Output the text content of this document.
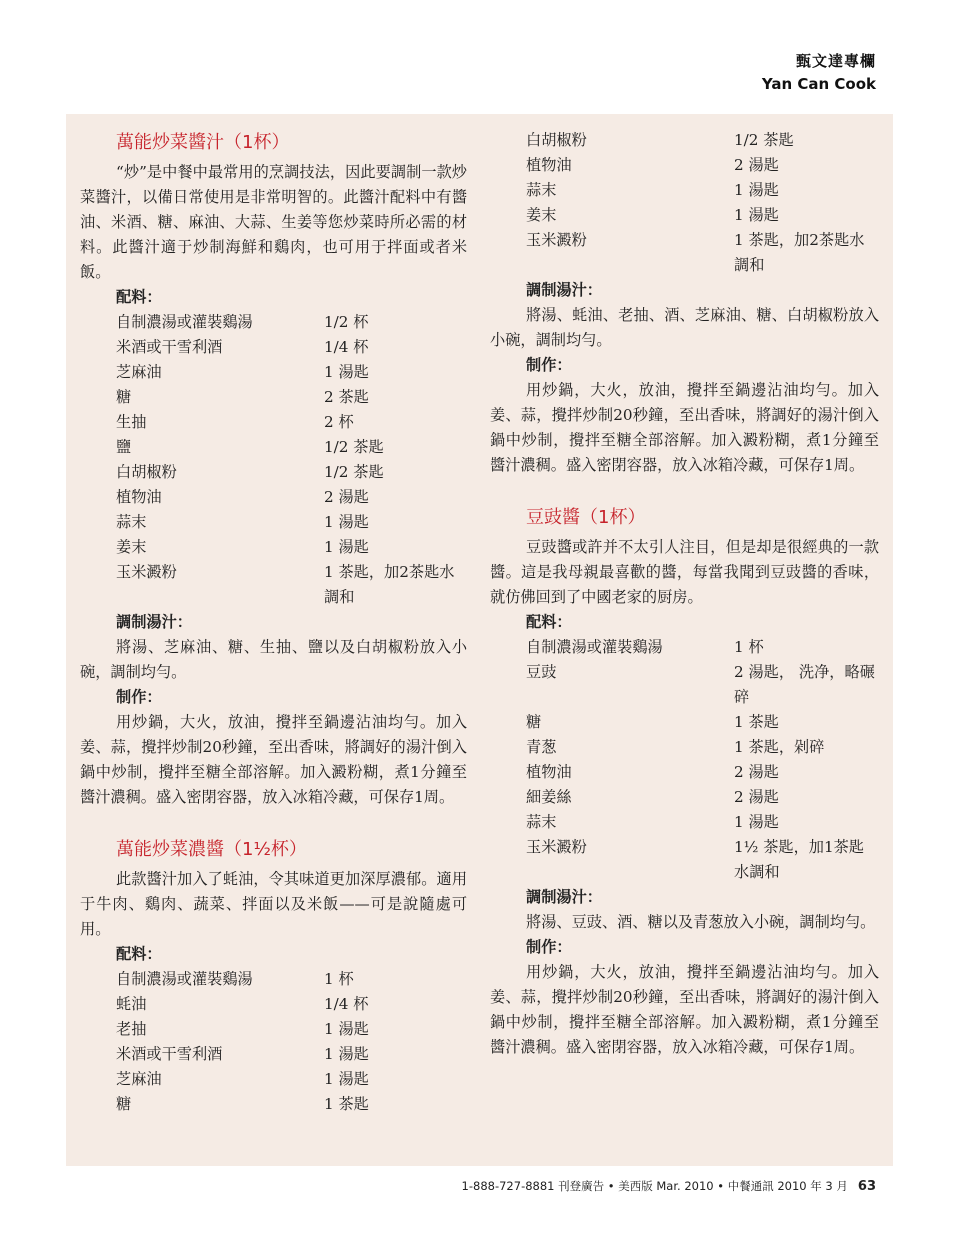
甄文達專欄
Yan Can Cook
萬能炒菜醬汁（1杯）

“炒”是中餐中最常用的烹調技法，因此要調制一款炒菜醬汁，以備日常使用是非常明智的。此醬汁配料中有醬油、米酒、糖、麻油、大蒜、生姜等您炒菜時所必需的材料。此醬汁適于炒制海鮮和鷄肉，也可用于拌面或者米飯。

配料：

自制濃湯或灌裝鷄湯	1/2 杯
米酒或干雪利酒	1/4 杯
芝麻油	1 湯匙
糖	2 茶匙
生抽	2 杯
鹽	1/2 茶匙
白胡椒粉	1/2 茶匙
植物油	2 湯匙
蒜末	1 湯匙
姜末	1 湯匙
玉米澱粉	1 茶匙，加2茶匙水調和

調制湯汁：

將湯、芝麻油、糖、生抽、鹽以及白胡椒粉放入小碗，調制均勻。

制作：

用炒鍋，大火，放油，攪拌至鍋邊沾油均勻。加入姜、蒜，攪拌炒制20秒鐘，至出香味，將調好的湯汁倒入鍋中炒制，攪拌至糖全部溶解。加入澱粉糊，煮1分鐘至醬汁濃稠。盛入密閉容器，放入冰箱冷藏，可保存1周。

萬能炒菜濃醬（1½杯）

此款醬汁加入了蚝油，令其味道更加深厚濃郁。適用于牛肉、鷄肉、蔬菜、拌面以及米飯——可是說隨處可用。

配料：

自制濃湯或灌裝鷄湯	1 杯
蚝油	1/4 杯
老抽	1 湯匙
米酒或干雪利酒	1 湯匙
芝麻油	1 湯匙
糖	1 茶匙
白胡椒粉	1/2 茶匙
植物油	2 湯匙
蒜末	1 湯匙
姜末	1 湯匙
玉米澱粉	1 茶匙，加2茶匙水調和

調制湯汁：

將湯、蚝油、老抽、酒、芝麻油、糖、白胡椒粉放入小碗，調制均勻。

制作：

用炒鍋，大火，放油，攪拌至鍋邊沾油均勻。加入姜、蒜，攪拌炒制20秒鐘，至出香味，將調好的湯汁倒入鍋中炒制，攪拌至糖全部溶解。加入澱粉糊，煮1分鐘至醬汁濃稠。盛入密閉容器，放入冰箱冷藏，可保存1周。

豆豉醬（1杯）

豆豉醬或許并不太引人注目，但是却是很經典的一款醬。這是我母親最喜歡的醬，每當我聞到豆豉醬的香味，就仿佛回到了中國老家的厨房。

配料：

自制濃湯或灌裝鷄湯	1 杯
豆豉	2 湯匙， 洗净，略碾碎
糖	1 茶匙
青葱	1 茶匙，剁碎
植物油	2 湯匙
細姜絲	2 湯匙
蒜末	1 湯匙
玉米澱粉	1½ 茶匙，加1茶匙水調和

調制湯汁：

將湯、豆豉、酒、糖以及青葱放入小碗，調制均勻。

制作：

用炒鍋，大火，放油，攪拌至鍋邊沾油均勻。加入姜、蒜，攪拌炒制20秒鐘，至出香味，將調好的湯汁倒入鍋中炒制，攪拌至糖全部溶解。加入澱粉糊，煮1分鐘至醬汁濃稠。盛入密閉容器，放入冰箱冷藏，可保存1周。

1-888-727-8881 刊登廣告 • 美西版 Mar. 2010 • 中餐通訊 2010 年 3 月 63
